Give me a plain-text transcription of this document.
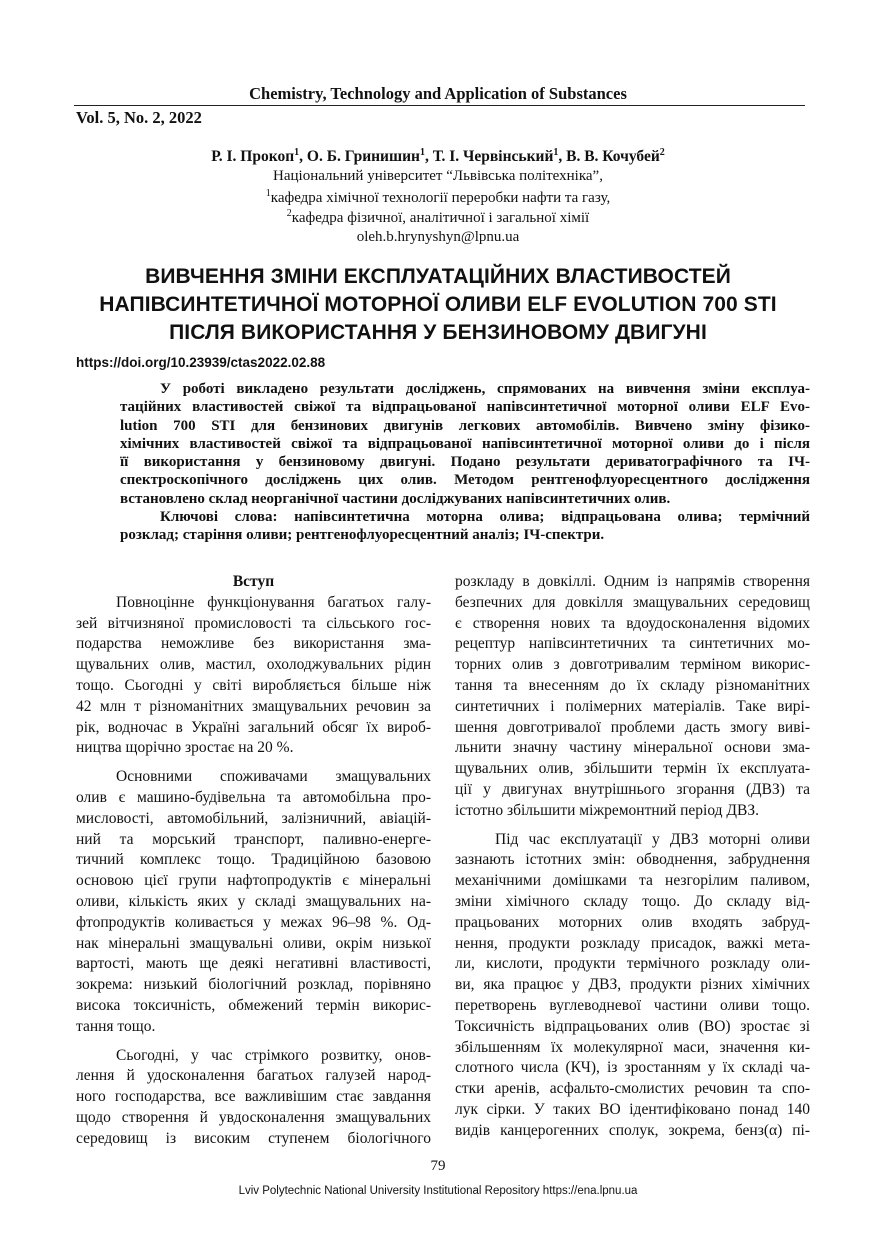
Chemistry, Technology and Application of Substances
Vol. 5, No. 2, 2022
Р. І. Прокоп$^1$, О. Б. Гринишин$^1$, Т. І. Червінський$^1$, В. В. Кочубей$^2$
Національний університет “Львівська політехніка”,
$^1$кафедра хімічної технології переробки нафти та газу,
$^2$кафедра фізичної, аналітичної і загальної хімії
oleh.b.hrynyshyn@lpnu.ua
ВИВЧЕННЯ ЗМІНИ ЕКСПЛУАТАЦІЙНИХ ВЛАСТИВОСТЕЙ
НАПІВСИНТЕТИЧНОЇ МОТОРНОЇ ОЛИВИ ELF EVOLUTION 700 STI
ПІСЛЯ ВИКОРИСТАННЯ У БЕНЗИНОВОМУ ДВИГУНІ
https://doi.org/10.23939/ctas2022.02.88
У роботі викладено результати досліджень, спрямованих на вивчення зміни експлуа-
таційних властивостей свіжої та відпрацьованої напівсинтетичної моторної оливи ELF Evo-
lution 700 STI для бензинових двигунів легкових автомобілів. Вивчено зміну фізико-
хімічних властивостей свіжої та відпрацьованої напівсинтетичної моторної оливи до і після
її використання у бензиновому двигуні. Подано результати дериватографічного та ІЧ-
спектроскопічного досліджень цих олив. Методом рентгенофлуоресцентного дослідження
встановлено склад неорганічної частини досліджуваних напівсинтетичних олив.
Ключові слова: напівсинтетична моторна олива; відпрацьована олива; термічний
розклад; старіння оливи; рентгенофлуоресцентний аналіз; ІЧ-спектри.
Вступ
Повноцінне функціонування багатьох галу-
зей вітчизняної промисловості та сільського гос-
подарства неможливе без використання зма-
щувальних олив, мастил, охолоджувальних рідин
тощо. Сьогодні у світі виробляється більше ніж
42 млн т різноманітних змащувальних речовин за
рік, водночас в Україні загальний обсяг їх вироб-
ництва щорічно зростає на 20 %.
Основними споживачами змащувальних
олив є машино-будівельна та автомобільна про-
мисловості, автомобільний, залізничний, авіацій-
ний та морський транспорт, паливно-енергe-
тичний комплекс тощо. Традиційною базовою
основою цієї групи нафтопродуктів є мінеральні
оливи, кількість яких у складі змащувальних на-
фтопродуктів коливається у межах 96–98 %. Од-
нак мінеральні змащувальні оливи, окрім низької
вартості, мають ще деякі негативні властивості,
зокрема: низький біологічний розклад, порівняно
висока токсичність, обмежений термін викорис-
тання тощо.
Сьогодні, у час стрімкого розвитку, онов-
лення й удосконалення багатьох галузей народ-
ного господарства, все важливішим стає завдання
щодо створення й увдосконалення змащувальних
середовищ із високим ступенем біологічного
розкладу в довкіллі. Одним із напрямів створення
безпечних для довкілля змащувальних середовищ
є створення нових та вдоудосконалення відомих
рецептур напівсинтетичних та синтетичних мо-
торних олив з довготривалим терміном викорис-
тання та внесенням до їх складу різноманітних
синтетичних і полімерних матеріалів. Таке вирі-
шення довготривалої проблеми дасть змогу виві-
льнити значну частину мінеральної основи зма-
щувальних олив, збільшити термін їх експлуата-
ції у двигунах внутрішнього згорання (ДВЗ) та
істотно збільшити міжремонтний період ДВЗ.
Під час експлуатації у ДВЗ моторні оливи
зазнають істотних змін: обводнення, забруднення
механічними домішками та незгорілим паливом,
зміни хімічного складу тощо. До складу від-
працьованих моторних олив входять забруд-
нення, продукти розкладу присадок, важкі мета-
ли, кислоти, продукти термічного розкладу оли-
ви, яка працює у ДВЗ, продукти різних хімічних
перетворень вуглеводневої частини оливи тощо.
Токсичність відпрацьованих олив (ВО) зростає зі
збільшенням їх молекулярної маси, значення ки-
слотного числа (КЧ), із зростанням у їх складі ча-
стки аренів, асфальто-смолистих речовин та спо-
лук сірки. У таких ВО ідентифіковано понад 140
видів канцерогенних сполук, зокрема, бенз(α) пі-
79
Lviv Polytechnic National University Institutional Repository https://ena.lpnu.ua
